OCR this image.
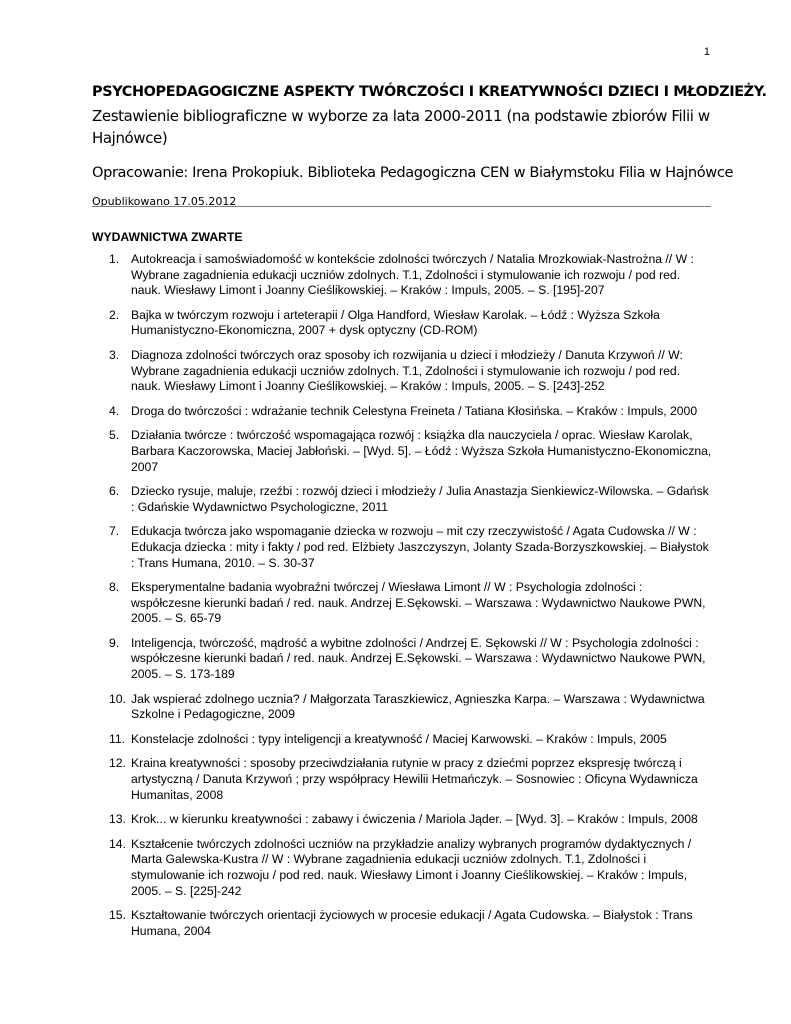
1
PSYCHOPEDAGOGICZNE ASPEKTY TWÓRCZOŚCI I KREATYWNOŚCI DZIECI I MŁODZIEŻY.

Zestawienie bibliograficzne w wyborze za lata 2000-2011 (na podstawie zbiorów Filii w Hajnówce)

Opracowanie: Irena Prokopiuk. Biblioteka Pedagogiczna CEN w Białymstoku Filia w Hajnówce

Opublikowano 17.05.2012

WYDAWNICTWA ZWARTE
1. Autokreacja i samoświadomość w kontekście zdolności twórczych / Natalia Mrozkowiak-Nastrożna // W : Wybrane zagadnienia edukacji uczniów zdolnych. T.1, Zdolności i stymulowanie ich rozwoju / pod red. nauk. Wiesławy Limont i Joanny Cieślikowskiej. – Kraków : Impuls, 2005. – S. [195]-207
2. Bajka w twórczym rozwoju i arteterapii / Olga Handford, Wiesław Karolak. – Łódź : Wyższa Szkoła Humanistyczno-Ekonomiczna, 2007 + dysk optyczny (CD-ROM)
3. Diagnoza zdolności twórczych oraz sposoby ich rozwijania u dzieci i młodzieży / Danuta Krzywoń // W: Wybrane zagadnienia edukacji uczniów zdolnych. T.1, Zdolności i stymulowanie ich rozwoju / pod red. nauk. Wiesławy Limont i Joanny Cieślikowskiej. – Kraków : Impuls, 2005. – S. [243]-252
4. Droga do twórczości : wdrażanie technik Celestyna Freineta / Tatiana Kłosińska. – Kraków : Impuls, 2000
5. Działania twórcze : twórczość wspomagająca rozwój : książka dla nauczyciela / oprac. Wiesław Karolak, Barbara Kaczorowska, Maciej Jabłoński. – [Wyd. 5]. – Łódź : Wyższa Szkoła Humanistyczno-Ekonomiczna, 2007
6. Dziecko rysuje, maluje, rzeźbi : rozwój dzieci i młodzieży / Julia Anastazja Sienkiewicz-Wilowska. – Gdańsk : Gdańskie Wydawnictwo Psychologiczne, 2011
7. Edukacja twórcza jako wspomaganie dziecka w rozwoju – mit czy rzeczywistość / Agata Cudowska // W : Edukacja dziecka : mity i fakty / pod red. Elżbiety Jaszczyszyn, Jolanty Szada-Borzyszkowskiej. – Białystok : Trans Humana, 2010. – S. 30-37
8. Eksperymentalne badania wyobraźni twórczej / Wiesława Limont // W : Psychologia zdolności : współczesne kierunki badań / red. nauk. Andrzej E.Sękowski. – Warszawa : Wydawnictwo Naukowe PWN, 2005. – S. 65-79
9. Inteligencja, twórczość, mądrość a wybitne zdolności / Andrzej E. Sękowski // W : Psychologia zdolności : współczesne kierunki badań / red. nauk. Andrzej E.Sękowski. – Warszawa : Wydawnictwo Naukowe PWN, 2005. – S. 173-189
10. Jak wspierać zdolnego ucznia? / Małgorzata Taraszkiewicz, Agnieszka Karpa. – Warszawa : Wydawnictwa Szkolne i Pedagogiczne, 2009
11. Konstelacje zdolności : typy inteligencji a kreatywność / Maciej Karwowski. – Kraków : Impuls, 2005
12. Kraina kreatywności : sposoby przeciwdziałania rutynie w pracy z dziećmi poprzez ekspresję twórczą i artystyczną / Danuta Krzywoń ; przy współpracy Hewilii Hetmańczyk. – Sosnowiec : Oficyna Wydawnicza Humanitas, 2008
13. Krok... w kierunku kreatywności : zabawy i ćwiczenia / Mariola Jąder. – [Wyd. 3]. – Kraków : Impuls, 2008
14. Kształcenie twórczych zdolności uczniów na przykładzie analizy wybranych programów dydaktycznych / Marta Galewska-Kustra // W : Wybrane zagadnienia edukacji uczniów zdolnych. T.1, Zdolności i stymulowanie ich rozwoju / pod red. nauk. Wiesławy Limont i Joanny Cieślikowskiej. – Kraków : Impuls, 2005. – S. [225]-242
15. Kształtowanie twórczych orientacji życiowych w procesie edukacji / Agata Cudowska. – Białystok : Trans Humana, 2004
